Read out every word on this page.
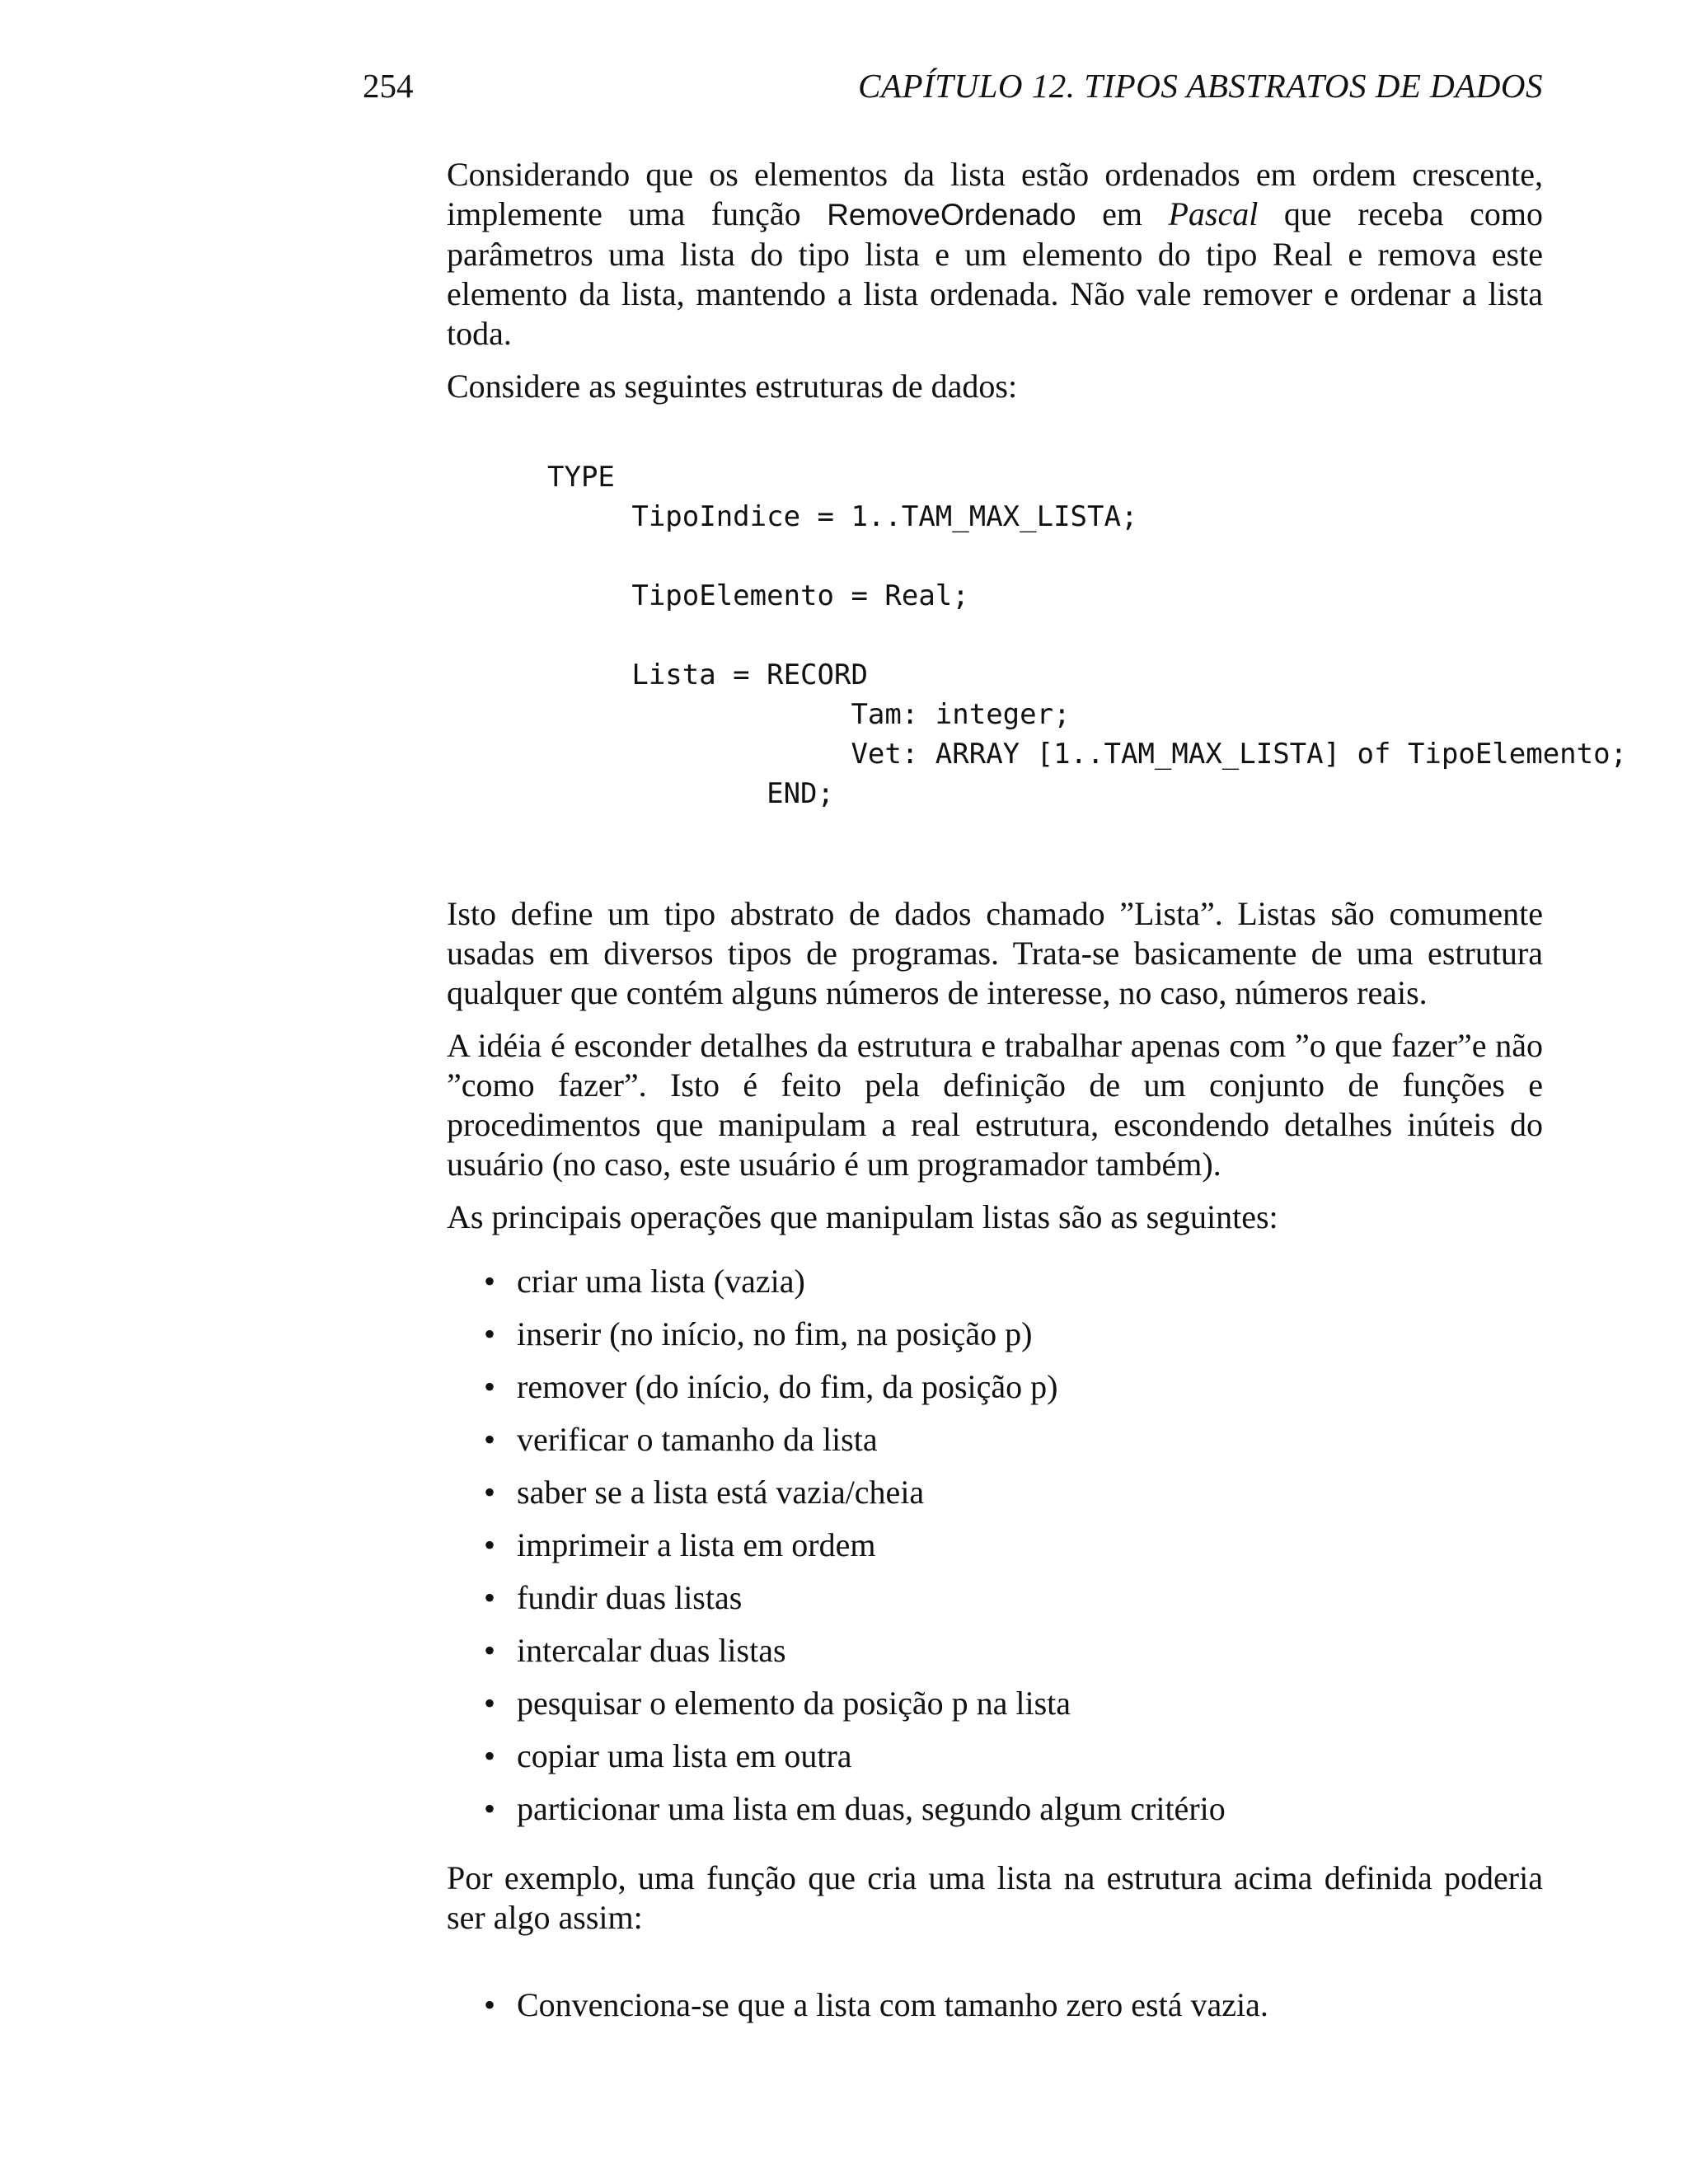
254	CAPÍTULO 12. TIPOS ABSTRATOS DE DADOS

Considerando que os elementos da lista estão ordenados em ordem crescente, implemente uma função RemoveOrdenado em Pascal que receba como parâmetros uma lista do tipo lista e um elemento do tipo Real e remova este elemento da lista, mantendo a lista ordenada. Não vale remover e ordenar a lista toda.

Considere as seguintes estruturas de dados:

TYPE
TipoIndice = 1..TAM_MAX_LISTA;

TipoElemento = Real;

Lista = RECORD
Tam: integer;
Vet: ARRAY [1..TAM_MAX_LISTA] of TipoElemento;
END;

Isto define um tipo abstrato de dados chamado ”Lista”. Listas são comumente usadas em diversos tipos de programas. Trata-se basicamente de uma estrutura qualquer que contém alguns números de interesse, no caso, números reais.

A idéia é esconder detalhes da estrutura e trabalhar apenas com ”o que fazer”e não ”como fazer”. Isto é feito pela definição de um conjunto de funções e procedimentos que manipulam a real estrutura, escondendo detalhes inúteis do usuário (no caso, este usuário é um programador também).

As principais operações que manipulam listas são as seguintes:

• criar uma lista (vazia)
• inserir (no início, no fim, na posição p)
• remover (do início, do fim, da posição p)
• verificar o tamanho da lista
• saber se a lista está vazia/cheia
• imprimeir a lista em ordem
• fundir duas listas
• intercalar duas listas
• pesquisar o elemento da posição p na lista
• copiar uma lista em outra
• particionar uma lista em duas, segundo algum critério

Por exemplo, uma função que cria uma lista na estrutura acima definida poderia ser algo assim:

• Convenciona-se que a lista com tamanho zero está vazia.
